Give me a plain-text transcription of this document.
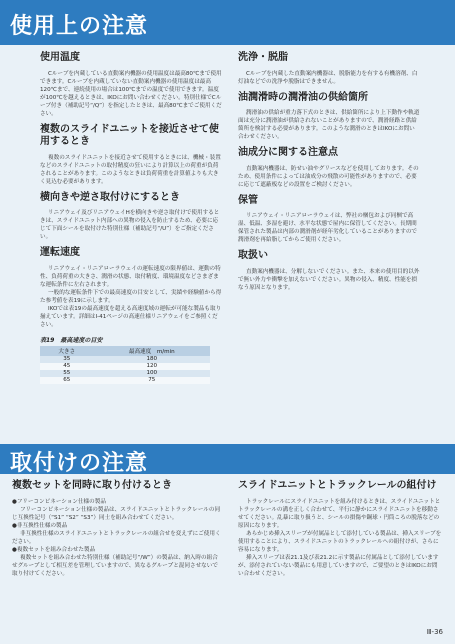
使用上の注意
使用温度

Cルーブを内蔵している直動案内機器の使用温度は最高80℃まで使用できます。Cルーブを内蔵していない直動案内機器の使用温度は最高120℃まで、連続使用の場合は100℃までの温度で使用できます。温度が100℃を越えるときは、IKOにお問い合わせください。特別仕様でCルーブ付き（補助記号“/Q”）を指定したときは、最高80℃までご使用ください。

複数のスライドユニットを接近させて使用するとき

複数のスライドユニットを接近させて使用するときには、機械・装置などのスライドユニットの取付精度の狂いにより計算以上の荷重が負荷されることがあります。このようなときは負荷荷重を計算値よりも大きく見込む必要があります。

横向きや逆さ取付けにするとき

リニアウェイ及びリニアウェイHを横向きや逆さ取付けで使用するときは、スライドユニット内部への異物の侵入を防止するため、必要に応じて下面シールを取付けた特別仕様（補助記号“/U”）をご指定ください。

運転速度

リニアウェイ・リニアローラウェイの運転速度の限界値は、運動の特性、負荷荷重の大きさ、潤滑の状態、取付精度、環境温度などさまざまな運転条件に左右されます。

一般的な運転条件下での最高速度の目安として、実績や経験値から得た参考値を表19に示します。

IKOでは表19の最高速度を超える高速度域の運転が可能な製品も取り揃えています。詳細はⅠ-41ページの高速仕様リニアウェイをご参照ください。

表19　最高速度の目安
大きさ	最高速度　m/min
35	180
45	120
55	100
65	75
洗浄・脱脂

Cルーブを内蔵した直動案内機器は、脱脂能力を有する有機溶剤、白灯油などでの洗浄や脱脂はできません。

油潤滑時の潤滑油の供給箇所

潤滑油の供給が重力落下式のときは、供給箇所により上下動作や軌道面は充分に潤滑油が供給されないことがありますので、潤滑経路と供給箇所を検討する必要があります。このような潤滑のときはIKOにお問い合わせください。

油成分に関する注意点

直動案内機器は、防せい油やグリースなどを使用しております。そのため、使用条件によっては油成分の飛散の可能性がありますので、必要に応じて遮蔽板などの設置をご検討ください。

保管

リニアウェイ・リニアローラウェイは、弊社の梱包および同梱で高湿、低温、多湿を避け、水平な状態で屋内に保管してください。長期間保管された製品は内部の潤滑剤が経年劣化していることがありますので潤滑剤を再給脂してからご使用ください。

取扱い

直動案内機器は、分解しないでください。また、本来の使用目的以外で無い外力や衝撃を加えないでください。異物の侵入、精度、性能を損なう原因となります。

取付けの注意
複数セットを同時に取り付けるとき

●フリーコンビネーション仕様の製品

フリーコンビネーション仕様の製品は、スライドユニットとトラックレールの同じ互換性記号（“S1” “S2” “S3”）同士を組み合わせてください。

●非互換性仕様の製品

非互換性仕様のスライドユニットとトラックレールの組合せを変えずにご使用ください。

●複数セットを組み合わせた製品

複数セットを組み合わせた特別仕様（補助記号“/W”）の製品は、納入時の組合せグループとして相互差を管理していますので、異なるグループと混同させないで取り付けてください。

スライドユニットとトラックレールの組付け

トラックレールにスライドユニットを組み付けるときは、スライドユニットとトラックレールの溝を正しく合わせて、平行に静かにスライドユニットを移動させてください。乱暴に取り扱うと、シールの損傷や鋼球・円筒ころの脱落などの原因になります。

あらかじめ挿入スリーブが付属品として添付している製品は、挿入スリーブを使用することにより、スライドユニットのトラックレールへの組付けが、さらに容易になります。

挿入スリーブは表21.1及び表21.2に示す製品に付属品として添付していますが、添付されていない製品にも用意していますので、ご要望のときはIKOにお問い合わせください。

Ⅲ-36
